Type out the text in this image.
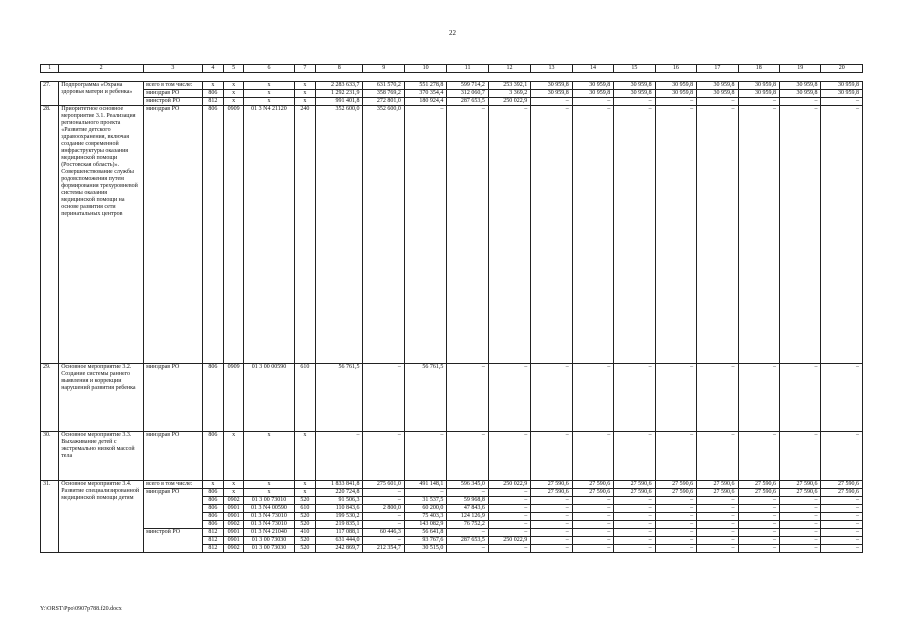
22
1	2	3	4	5	6	7	8	9	10	11	12	13	14	15	16	17	18	19	20

27.	Подпрограмма «Охрана здоровья матери и ребенка»	всего в том числе:	х	х	х	х	2 283 633,7	631 570,2	551 278,8	599 714,2	253 392,1	30 959,8	30 959,8	30 959,8	30 959,8	30 959,8	30 959,8	30 959,8	30 959,8
		минздрав РО	806	х	х	х	1 292 231,9	358 769,2	370 354,4	312 060,7	3 369,2	30 959,8	30 959,8	30 959,8	30 959,8	30 959,8	30 959,8	30 959,8	30 959,8
		минстрой РО	812	х	х	х	991 401,8	272 801,0	180 924,4	287 653,5	250 022,9	–	–	–	–	–	–	–	–
28.	Приоритетное основное мероприятие 3.1. Реализация регионального проекта «Развитие детского здравоохранения, включая создание современной инфраструктуры оказания медицинской помощи (Ростовская область)». Совершенствование службы родовспоможения путем формирования трехуровневой системы оказания медицинской помощи на основе развития сети перинатальных центров	минздрав РО	806	0909	01 3 N4 21120	240	352 600,0	352 600,0	–	–	–	–	–	–	–	–	–	–	–
29.	Основное мероприятие 3.2. Создание системы раннего выявления и коррекции нарушений развития ребенка	минздрав РО	806	0909	01 3 00 00590	610	56 761,5	–	56 761,5	–	–	–	–	–	–	–	–	–	–
30.	Основное мероприятие 3.3. Выхаживание детей с экстремально низкой массой тела	минздрав РО	806	х	х	х	–	–	–	–	–	–	–	–	–	–	–	–	–
31.	Основное мероприятие 3.4. Развитие специализированной медицинской помощи детям	всего в том числе:	х	х	х	х	1 833 841,8	275 601,0	491 148,1	596 345,0	250 022,9	27 590,6	27 590,6	27 590,6	27 590,6	27 590,6	27 590,6	27 590,6	27 590,6
		минздрав РО	806	х	х	х	220 724,8	–	–	–	–	27 590,6	27 590,6	27 590,6	27 590,6	27 590,6	27 590,6	27 590,6	27 590,6
			806	0902	01 3 00 73010	520	91 506,3	–	31 537,5	59 968,8	–	–	–	–	–	–	–	–	–
			806	0901	01 3 N4 00590	610	110 843,6	2 800,0	60 200,0	47 843,6	–	–	–	–	–	–	–	–	–
			806	0901	01 3 N4 73010	520	199 530,2	–	75 403,3	124 126,9	–	–	–	–	–	–	–	–	–
			806	0902	01 3 N4 73010	520	219 835,1	–	143 082,9	76 752,2	–	–	–	–	–	–	–	–	–
		минстрой РО	812	0901	01 3 N4 21040	410	117 088,1	60 446,3	56 641,8	–	–	–	–	–	–	–	–	–	–
			812	0901	01 3 00 73030	520	631 444,0	–	93 767,6	287 653,5	250 022,9	–	–	–	–	–	–	–	–
			812	0902	01 3 00 73030	520	242 869,7	212 354,7	30 515,0	–	–	–	–	–	–	–	–	–	–
Y:\ORST\Ppo\0907p788.f20.docx
